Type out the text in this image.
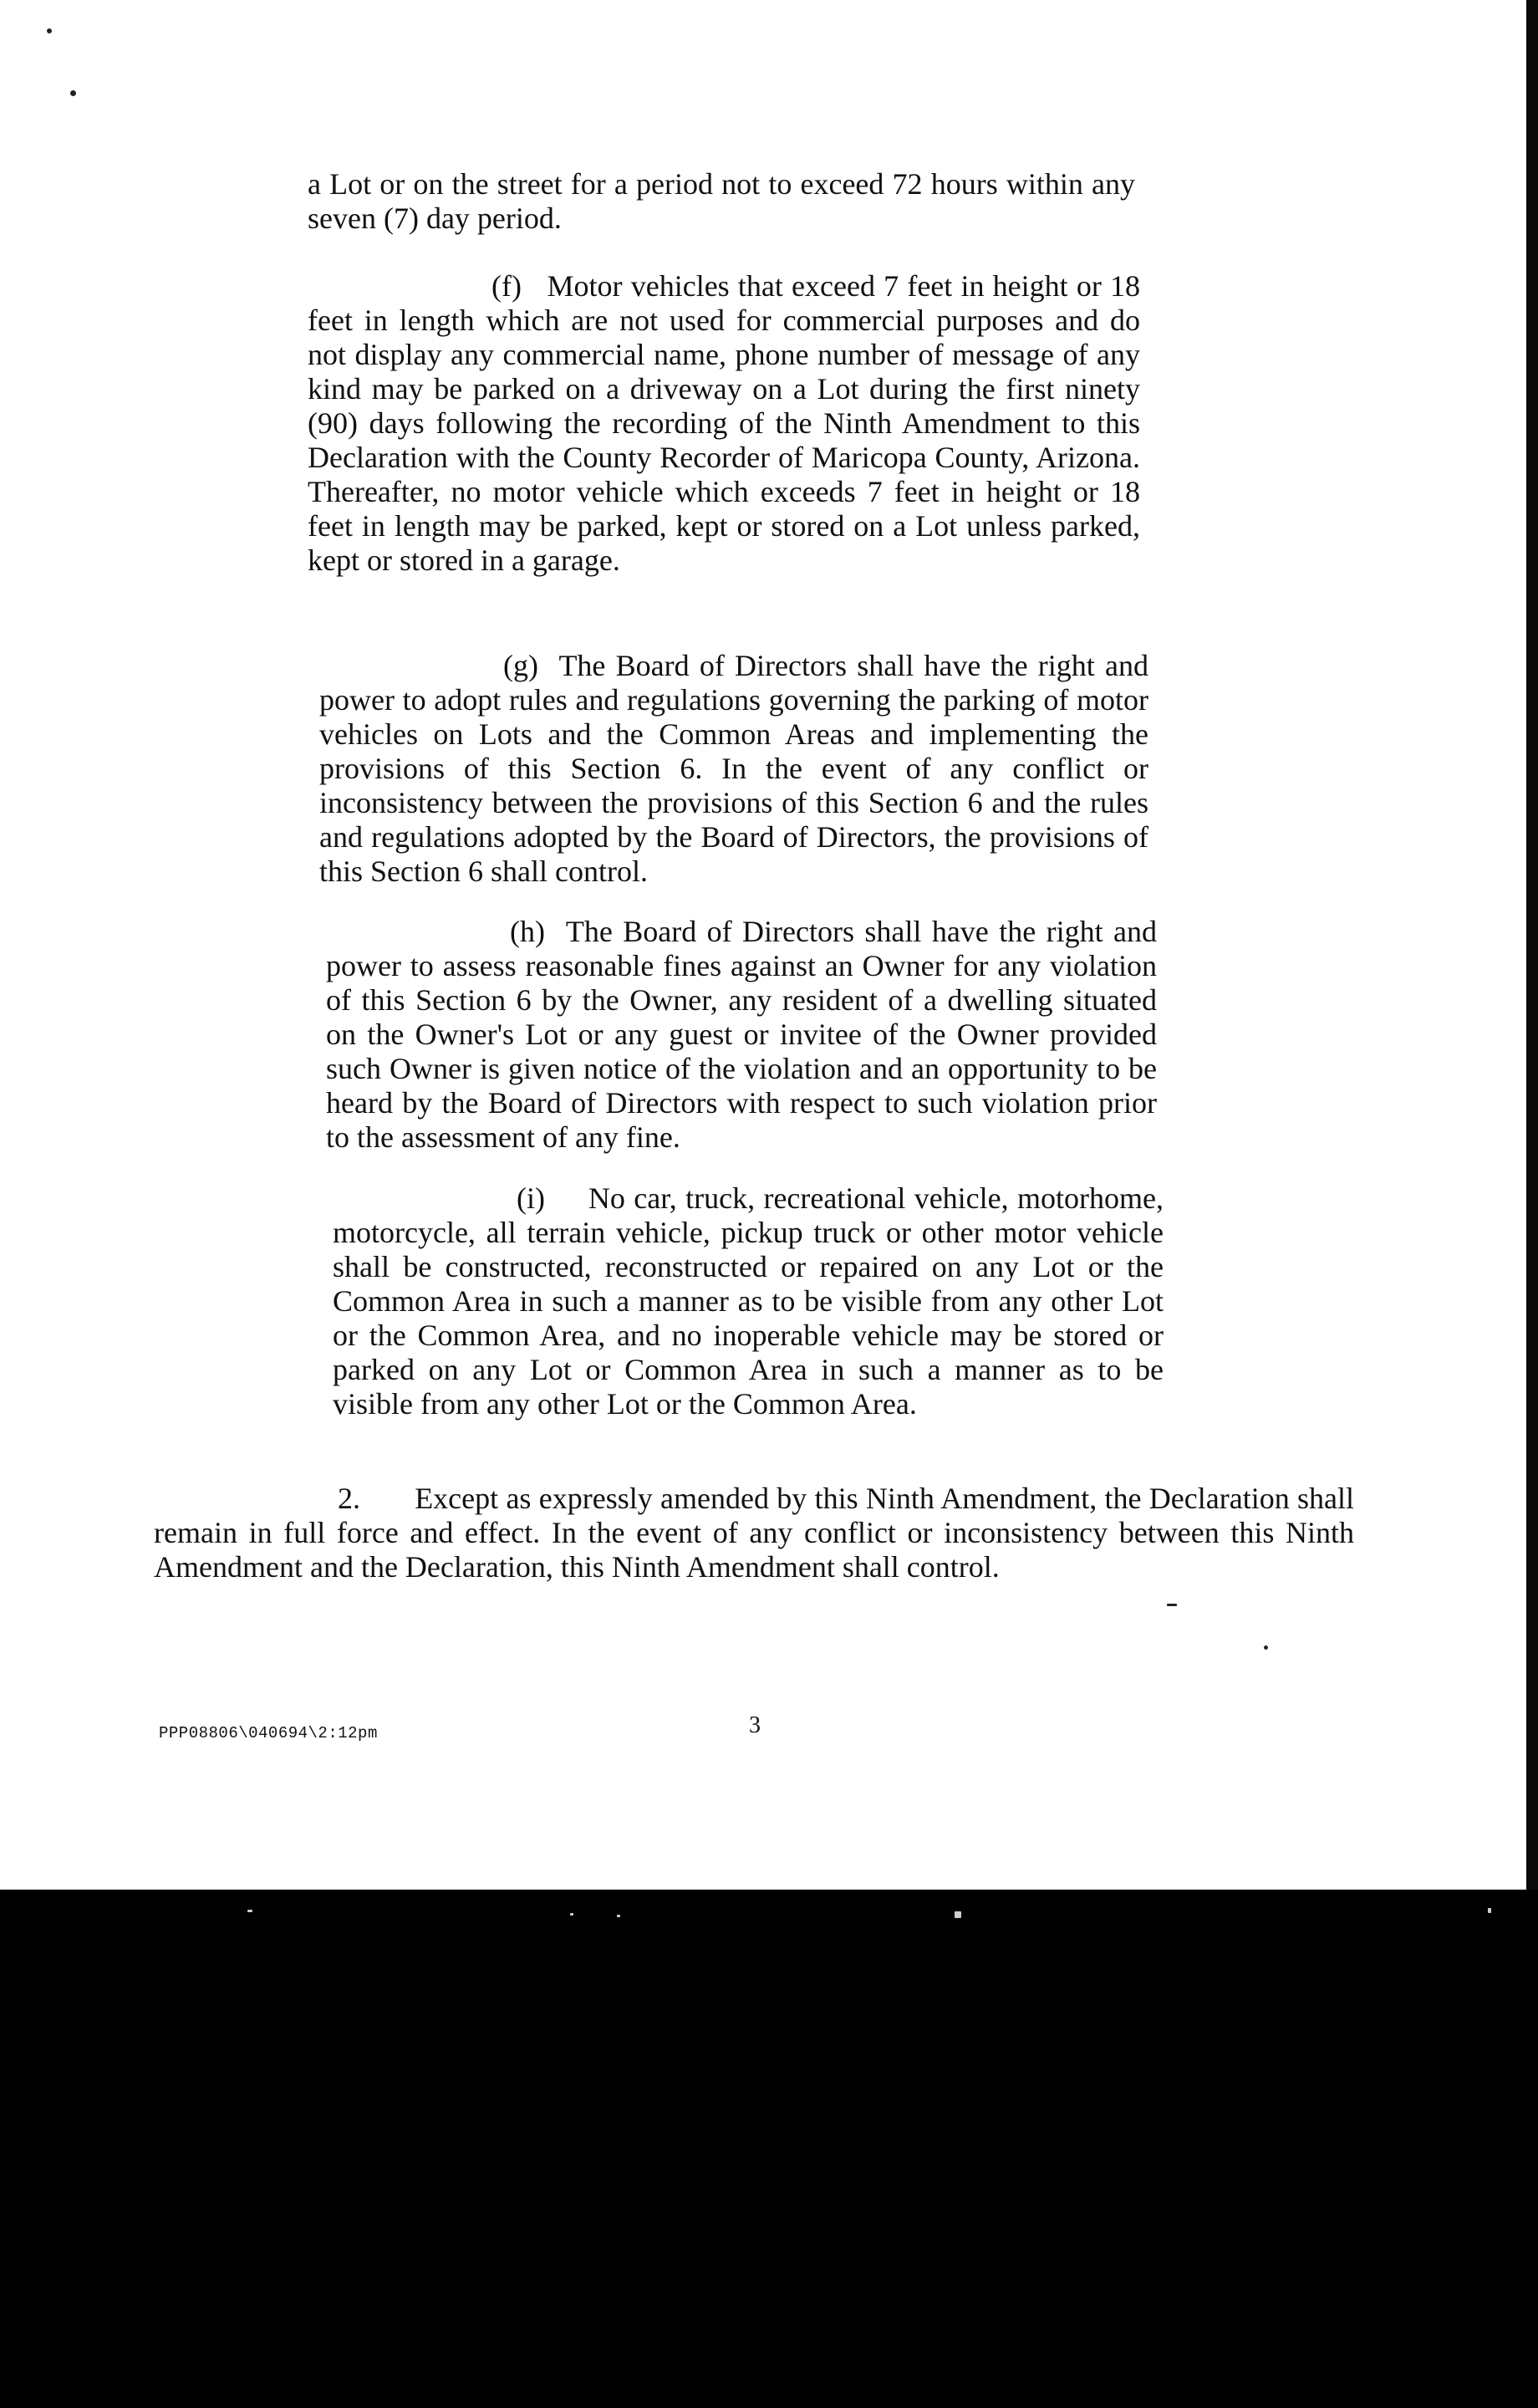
a Lot or on the street for a period not to exceed 72 hours within any seven (7) day period.

(f) Motor vehicles that exceed 7 feet in height or 18 feet in length which are not used for commercial purposes and do not display any commercial name, phone number of message of any kind may be parked on a driveway on a Lot during the first ninety (90) days following the recording of the Ninth Amendment to this Declaration with the County Recorder of Maricopa County, Arizona. Thereafter, no motor vehicle which exceeds 7 feet in height or 18 feet in length may be parked, kept or stored on a Lot unless parked, kept or stored in a garage.

(g) The Board of Directors shall have the right and power to adopt rules and regulations governing the parking of motor vehicles on Lots and the Common Areas and implementing the provisions of this Section 6. In the event of any conflict or inconsistency between the provisions of this Section 6 and the rules and regulations adopted by the Board of Directors, the provisions of this Section 6 shall control.

(h) The Board of Directors shall have the right and power to assess reasonable fines against an Owner for any violation of this Section 6 by the Owner, any resident of a dwelling situated on the Owner's Lot or any guest or invitee of the Owner provided such Owner is given notice of the violation and an opportunity to be heard by the Board of Directors with respect to such violation prior to the assessment of any fine.

(i) No car, truck, recreational vehicle, motorhome, motorcycle, all terrain vehicle, pickup truck or other motor vehicle shall be constructed, reconstructed or repaired on any Lot or the Common Area in such a manner as to be visible from any other Lot or the Common Area, and no inoperable vehicle may be stored or parked on any Lot or Common Area in such a manner as to be visible from any other Lot or the Common Area.

2. Except as expressly amended by this Ninth Amendment, the Declaration shall remain in full force and effect. In the event of any conflict or inconsistency between this Ninth Amendment and the Declaration, this Ninth Amendment shall control.

PPP08806\040694\2:12pm	3
